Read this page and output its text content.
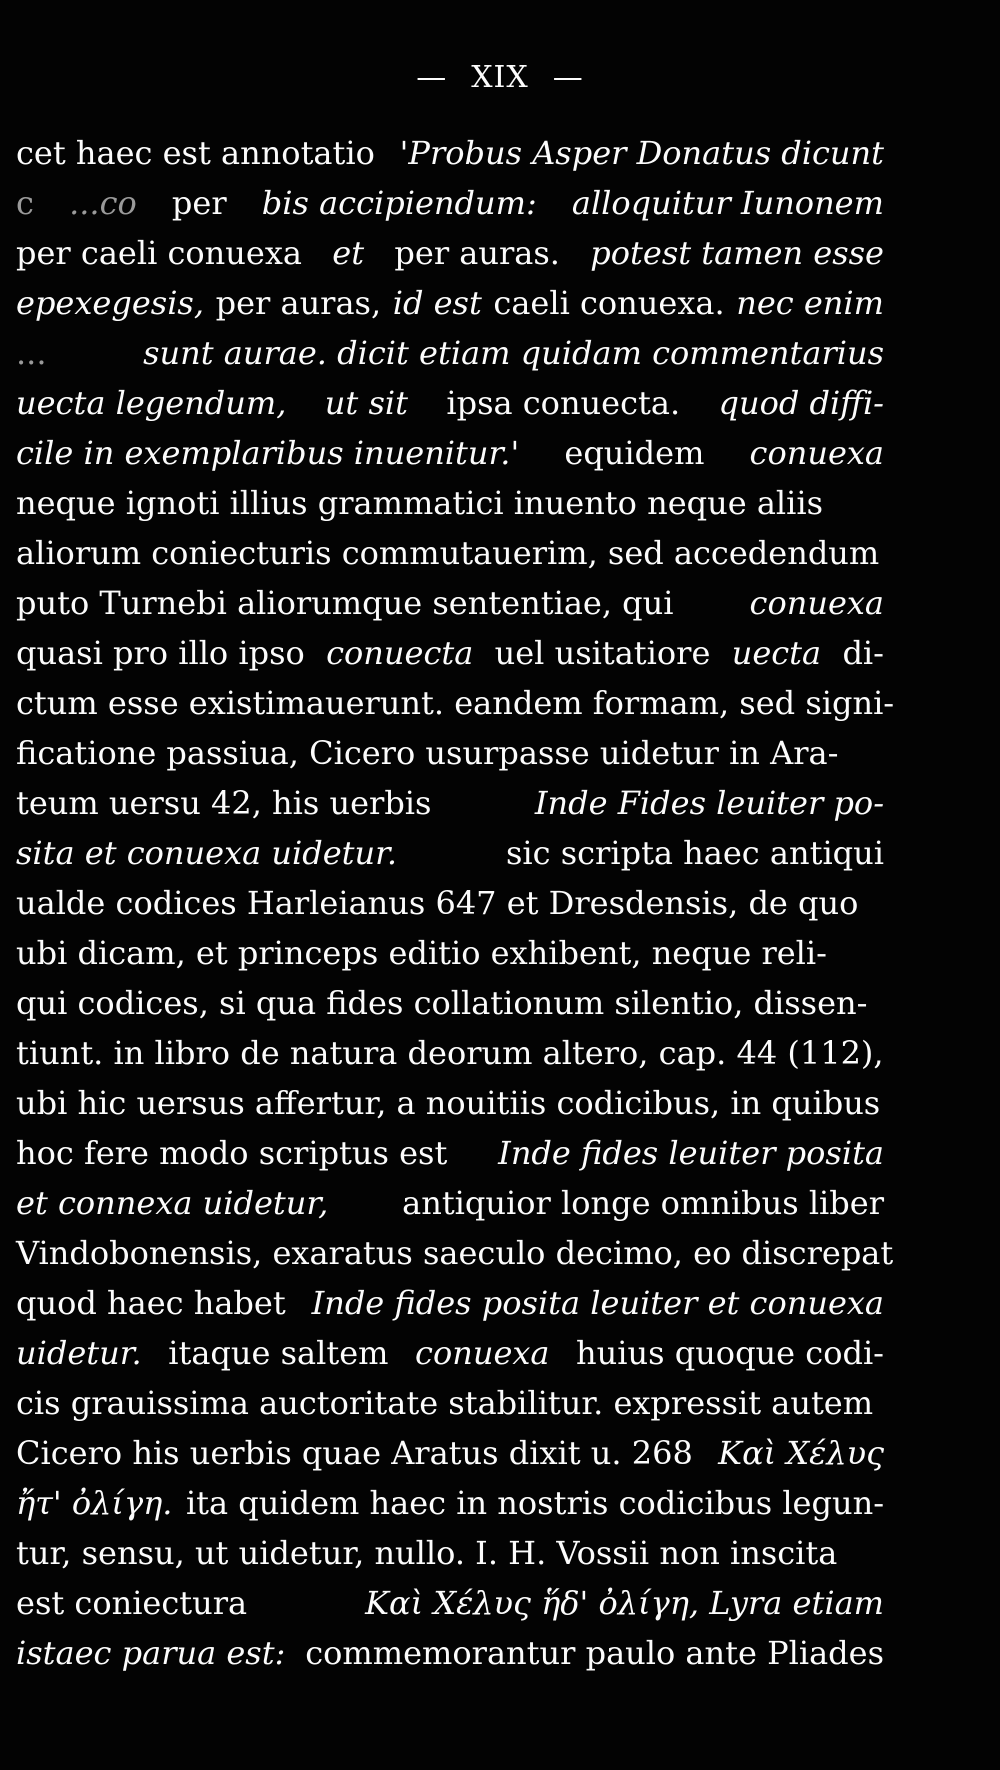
—XIX—
cet haec est annotatio 'Probus Asper Donatus dicunt
c ...co per bis accipiendum: alloquitur Iunonem
per caeli conuexa et per auras. potest tamen esse
epexegesis, per auras, id est caeli conuexa. nec enim
...	sunt aurae. dicit etiam quidam commentarius
uecta legendum, ut sit ipsa conuecta. quod diffi-
cile in exemplaribus inuenitur.' equidem conuexa
neque ignoti illius grammatici inuento neque aliis
aliorum coniecturis commutauerim, sed accedendum
puto Turnebi aliorumque sententiae, qui conuexa
quasi pro illo ipso conuecta uel usitatiore uecta di-
ctum esse existimauerunt. eandem formam, sed signi-
ficatione passiua, Cicero usurpasse uidetur in Ara-
teum uersu 42, his uerbis	Inde Fides leuiter po-
sita et conuexa uidetur.	sic scripta haec antiqui
ualde codices Harleianus 647 et Dresdensis, de quo
ubi dicam, et princeps editio exhibent, neque reli-
qui codices, si qua fides collationum silentio, dissen-
tiunt. in libro de natura deorum altero, cap. 44 (112),
ubi hic uersus affertur, a nouitiis codicibus, in quibus
hoc fere modo scriptus est Inde fides leuiter posita
et connexa uidetur, antiquior longe omnibus liber
Vindobonensis, exaratus saeculo decimo, eo discrepat
quod haec habet Inde fides posita leuiter et conuexa
uidetur. itaque saltem conuexa huius quoque codi-
cis grauissima auctoritate stabilitur. expressit autem
Cicero his uerbis quae Aratus dixit u. 268 Καὶ Χέλυς
ἤτ' ὀλίγη. ita quidem haec in nostris codicibus legun-
tur, sensu, ut uidetur, nullo. I. H. Vossii non inscita
est coniectura	Καὶ Χέλυς ἥδ' ὀλίγη, Lyra etiam
istaec parua est: commemorantur paulo ante Pliades
